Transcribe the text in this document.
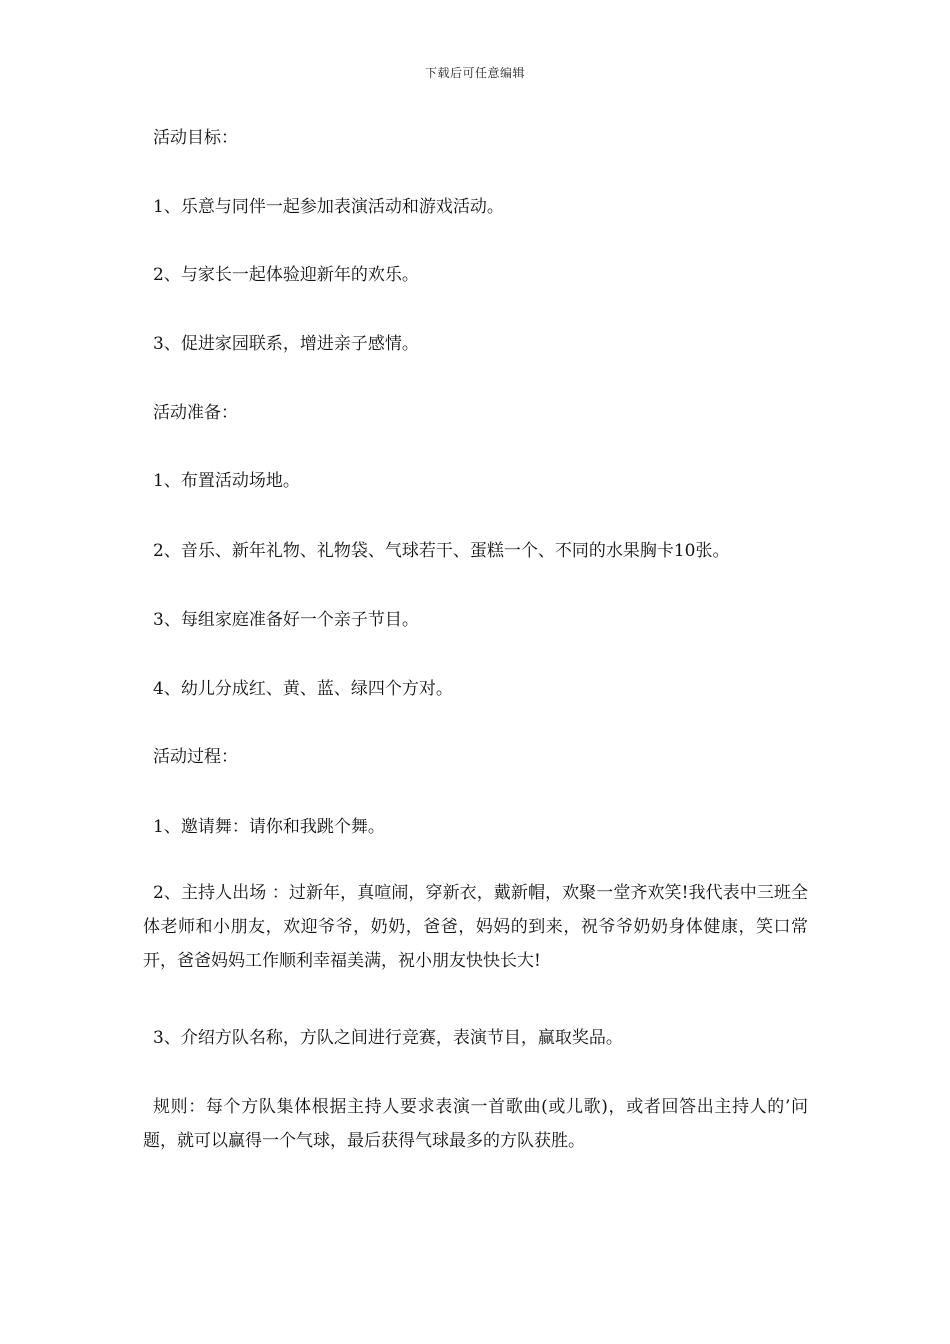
下载后可任意编辑
活动目标：
1、乐意与同伴一起参加表演活动和游戏活动。
2、与家长一起体验迎新年的欢乐。
3、促进家园联系，增进亲子感情。
活动准备：
1、布置活动场地。
2、音乐、新年礼物、礼物袋、气球若干、蛋糕一个、不同的水果胸卡10张。
3、每组家庭准备好一个亲子节目。
4、幼儿分成红、黄、蓝、绿四个方对。
活动过程：
1、邀请舞：请你和我跳个舞。
2、主持人出场 ：过新年，真喧闹，穿新衣，戴新帽，欢聚一堂齐欢笑!我代表中三班全体老师和小朋友，欢迎爷爷，奶奶，爸爸，妈妈的到来，祝爷爷奶奶身体健康，笑口常开，爸爸妈妈工作顺利幸福美满，祝小朋友快快长大!
3、介绍方队名称，方队之间进行竞赛，表演节目，赢取奖品。
规则：每个方队集体根据主持人要求表演一首歌曲(或儿歌)，或者回答出主持人的’问题，就可以赢得一个气球，最后获得气球最多的方队获胜。
